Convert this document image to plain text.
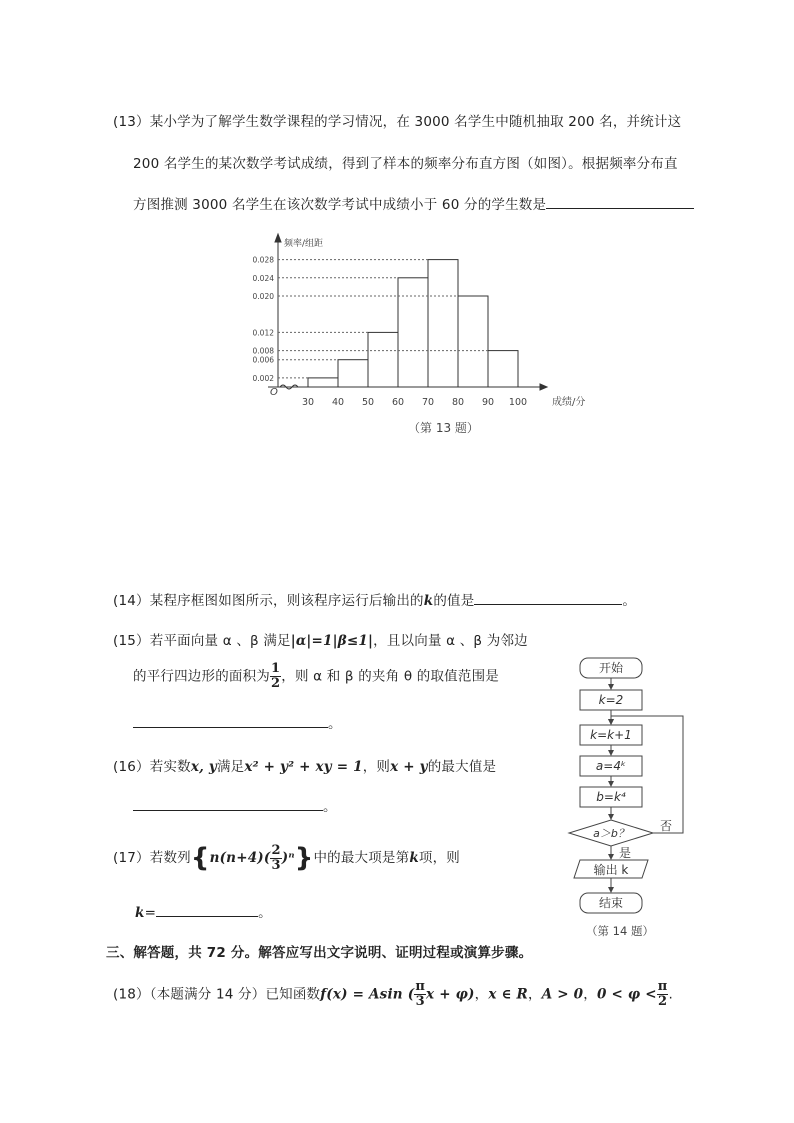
(13）某小学为了解学生数学课程的学习情况，在 3000 名学生中随机抽取 200 名，并统计这
200 名学生的某次数学考试成绩，得到了样本的频率分布直方图（如图）。根据频率分布直
方图推测 3000 名学生在该次数学考试中成绩小于 60 分的学生数是
（第 13 题）
0.028
0.024
0.020
0.012
0.008
0.006
0.002
30 40 50 60 70 80 90 100
频率/组距
成绩/分
O
(14）某程序框图如图所示，则该程序运行后输出的k的值是	。
(15）若平面向量 α 、β 满足|α|=1|β≤1|，且以向量 α 、β 为邻边
的平行四边形的面积为 $\frac{1}{2}$ ，则 α 和 β 的夹角 θ 的取值范围是
。
(16）若实数x, y满足x² + y² + xy = 1，则x + y的最大值是
。
(17）若数列$\{n(n+4)( \frac{2}{3} )^n\}$中的最大项是第k项，则
k=	。
开始
k=2
k=k+1
a=4ᵏ
b=k⁴
a＞b？
否
是
输出 k
结束
（第 14 题）
三、解答题，共 72 分。解答应写出文字说明、证明过程或演算步骤。
(18）（本题满分 14 分）已知函数f(x) = Asin ( $\frac{\pi}{3}$ x + φ)，x ∈ R，A > 0，$0 < \varphi < \frac{\pi}{2}$ .
